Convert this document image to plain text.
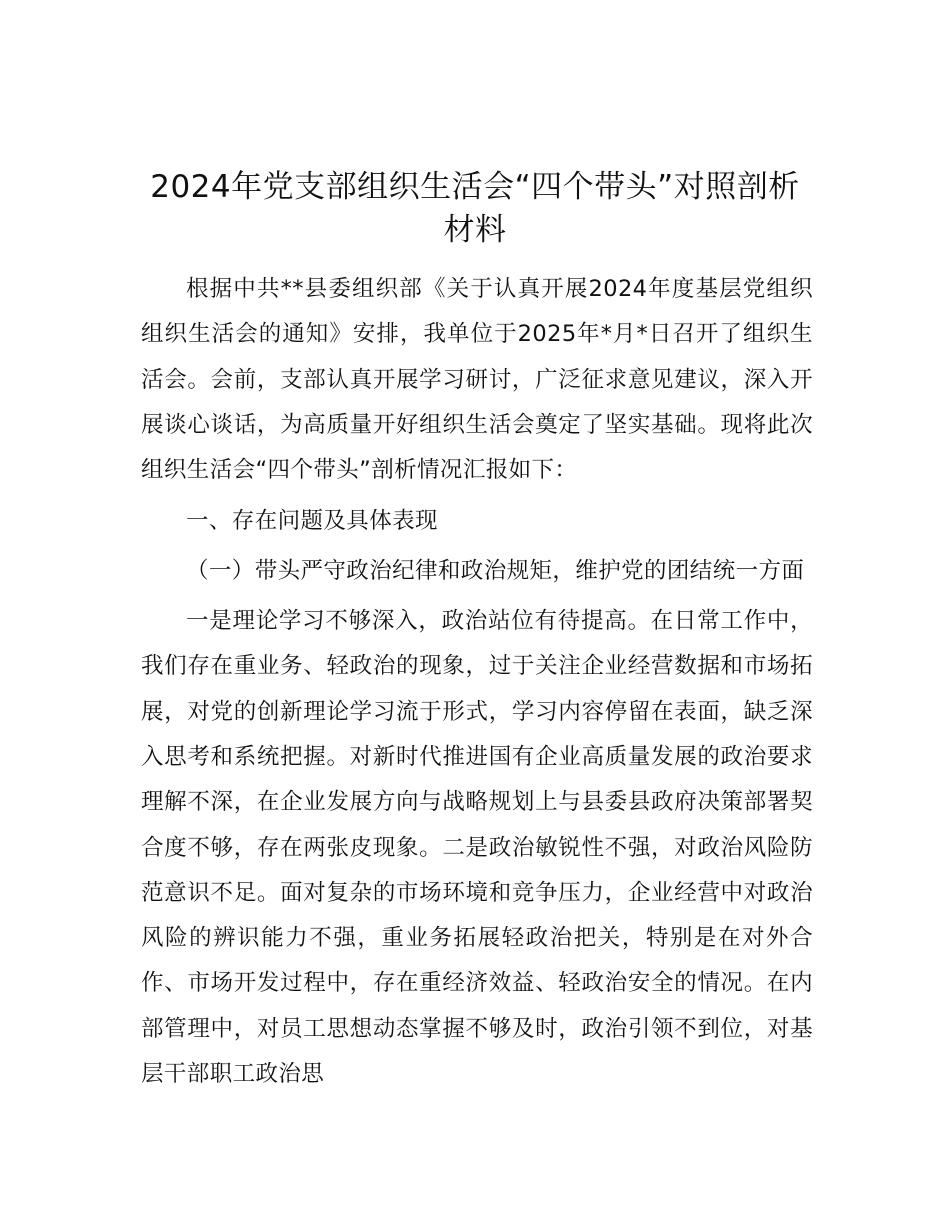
2024年党支部组织生活会“四个带头”对照剖析材料

根据中共**县委组织部《关于认真开展2024年度基层党组织组织生活会的通知》安排，我单位于2025年*月*日召开了组织生活会。会前，支部认真开展学习研讨，广泛征求意见建议，深入开展谈心谈话，为高质量开好组织生活会奠定了坚实基础。现将此次组织生活会“四个带头”剖析情况汇报如下：

一、存在问题及具体表现

（一）带头严守政治纪律和政治规矩，维护党的团结统一方面

一是理论学习不够深入，政治站位有待提高。在日常工作中，我们存在重业务、轻政治的现象，过于关注企业经营数据和市场拓展，对党的创新理论学习流于形式，学习内容停留在表面，缺乏深入思考和系统把握。对新时代推进国有企业高质量发展的政治要求理解不深，在企业发展方向与战略规划上与县委县政府决策部署契合度不够，存在两张皮现象。二是政治敏锐性不强，对政治风险防范意识不足。面对复杂的市场环境和竞争压力，企业经营中对政治风险的辨识能力不强，重业务拓展轻政治把关，特别是在对外合作、市场开发过程中，存在重经济效益、轻政治安全的情况。在内部管理中，对员工思想动态掌握不够及时，政治引领不到位，对基层干部职工政治思
